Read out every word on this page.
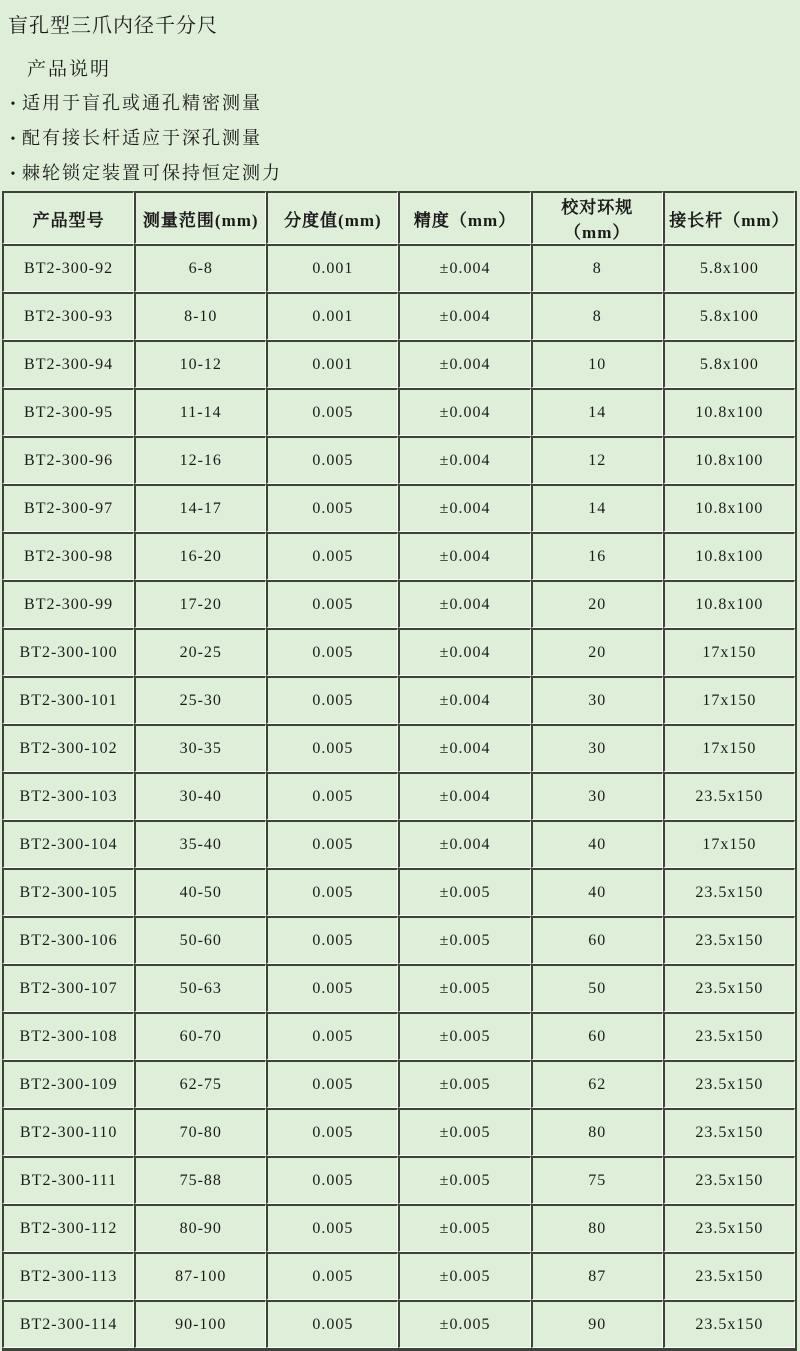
盲孔型三爪内径千分尺
产品说明
• 适用于盲孔或通孔精密测量
• 配有接长杆适应于深孔测量
• 棘轮锁定装置可保持恒定测力
产品型号	测量范围(mm)	分度值(mm)	精度（mm）	校对环规（mm）	接长杆（mm）
BT2-300-92	6-8	0.001	±0.004	8	5.8x100
BT2-300-93	8-10	0.001	±0.004	8	5.8x100
BT2-300-94	10-12	0.001	±0.004	10	5.8x100
BT2-300-95	11-14	0.005	±0.004	14	10.8x100
BT2-300-96	12-16	0.005	±0.004	12	10.8x100
BT2-300-97	14-17	0.005	±0.004	14	10.8x100
BT2-300-98	16-20	0.005	±0.004	16	10.8x100
BT2-300-99	17-20	0.005	±0.004	20	10.8x100
BT2-300-100	20-25	0.005	±0.004	20	17x150
BT2-300-101	25-30	0.005	±0.004	30	17x150
BT2-300-102	30-35	0.005	±0.004	30	17x150
BT2-300-103	30-40	0.005	±0.004	30	23.5x150
BT2-300-104	35-40	0.005	±0.004	40	17x150
BT2-300-105	40-50	0.005	±0.005	40	23.5x150
BT2-300-106	50-60	0.005	±0.005	60	23.5x150
BT2-300-107	50-63	0.005	±0.005	50	23.5x150
BT2-300-108	60-70	0.005	±0.005	60	23.5x150
BT2-300-109	62-75	0.005	±0.005	62	23.5x150
BT2-300-110	70-80	0.005	±0.005	80	23.5x150
BT2-300-111	75-88	0.005	±0.005	75	23.5x150
BT2-300-112	80-90	0.005	±0.005	80	23.5x150
BT2-300-113	87-100	0.005	±0.005	87	23.5x150
BT2-300-114	90-100	0.005	±0.005	90	23.5x150
